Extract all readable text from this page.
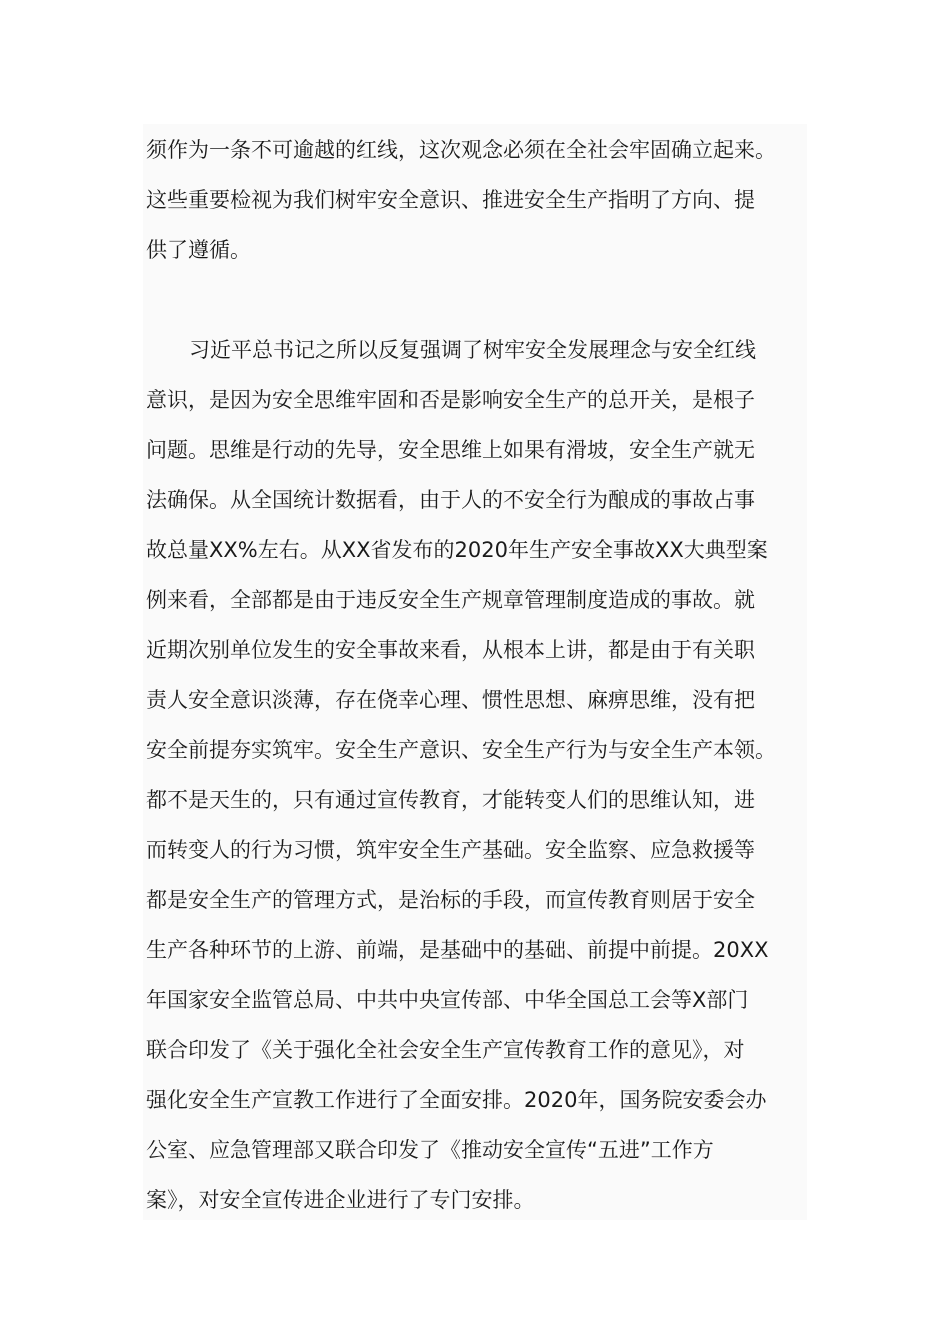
须作为一条不可逾越的红线，这次观念必须在全社会牢固确立起来。

这些重要检视为我们树牢安全意识、推进安全生产指明了方向、提

供了遵循。

习近平总书记之所以反复强调了树牢安全发展理念与安全红线

意识，是因为安全思维牢固和否是影响安全生产的总开关，是根子

问题。思维是行动的先导，安全思维上如果有滑坡，安全生产就无

法确保。从全国统计数据看，由于人的不安全行为酿成的事故占事

故总量XX%左右。从XX省发布的2020年生产安全事故XX大典型案

例来看，全部都是由于违反安全生产规章管理制度造成的事故。就

近期次别单位发生的安全事故来看，从根本上讲，都是由于有关职

责人安全意识淡薄，存在侥幸心理、惯性思想、麻痹思维，没有把

安全前提夯实筑牢。安全生产意识、安全生产行为与安全生产本领。

都不是天生的，只有通过宣传教育，才能转变人们的思维认知，进

而转变人的行为习惯，筑牢安全生产基础。安全监察、应急救援等

都是安全生产的管理方式，是治标的手段，而宣传教育则居于安全

生产各种环节的上游、前端，是基础中的基础、前提中前提。20XX

年国家安全监管总局、中共中央宣传部、中华全国总工会等X部门

联合印发了《关于强化全社会安全生产宣传教育工作的意见》，对

强化安全生产宣教工作进行了全面安排。2020年，国务院安委会办

公室、应急管理部又联合印发了《推动安全宣传“五进”工作方

案》，对安全宣传进企业进行了专门安排。
